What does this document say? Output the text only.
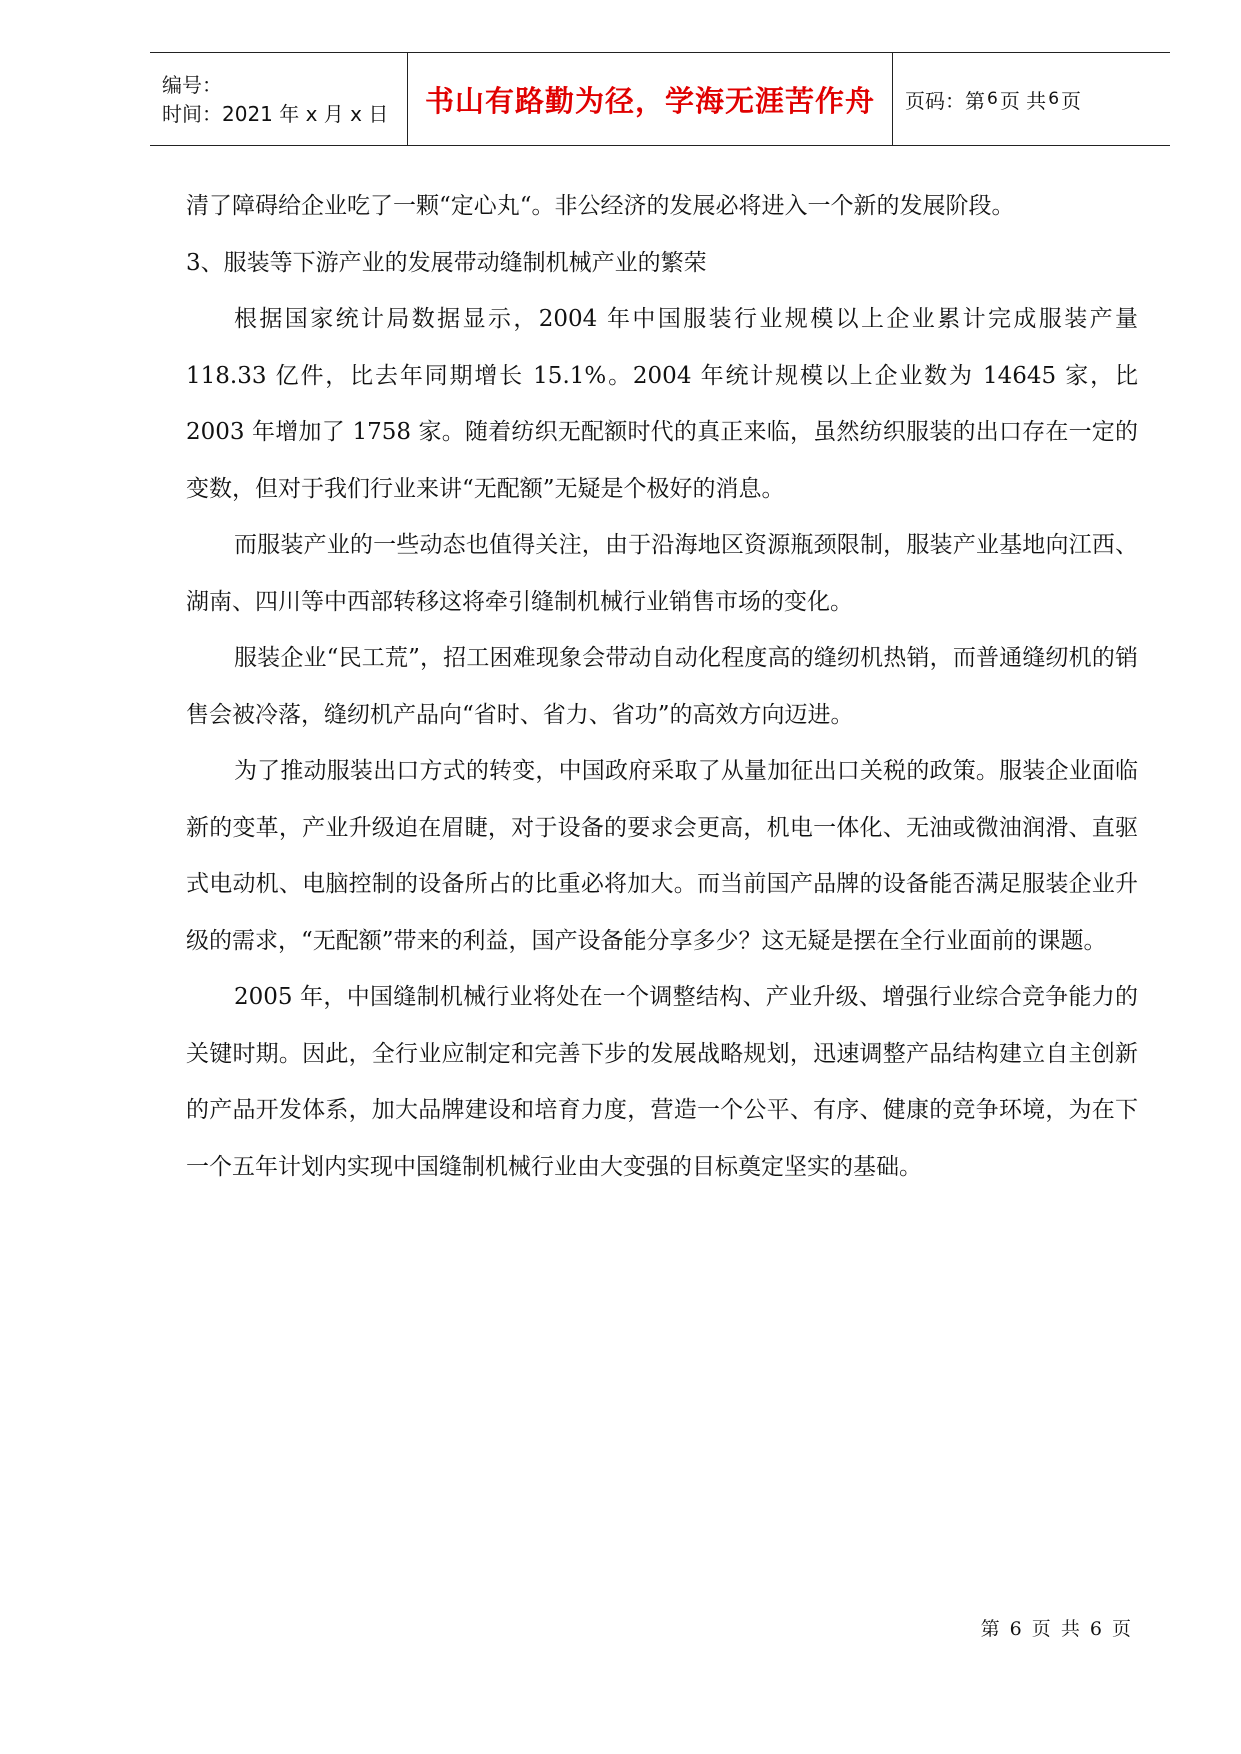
编号：
时间：2021 年 x 月 x 日	书山有路勤为径，学海无涯苦作舟 页码：第 6 页 共 6 页

清了障碍给企业吃了一颗“定心丸“。非公经济的发展必将进入一个新的发展阶段。

3、服装等下游产业的发展带动缝制机械产业的繁荣

根据国家统计局数据显示，2004 年中国服装行业规模以上企业累计完成服装产量 118.33 亿件，比去年同期增长 15.1%。2004 年统计规模以上企业数为 14645 家，比 2003 年增加了 1758 家。随着纺织无配额时代的真正来临，虽然纺织服装的出口存在一定的变数，但对于我们行业来讲“无配额”无疑是个极好的消息。

而服装产业的一些动态也值得关注，由于沿海地区资源瓶颈限制，服装产业基地向江西、湖南、四川等中西部转移这将牵引缝制机械行业销售市场的变化。

服装企业“民工荒”，招工困难现象会带动自动化程度高的缝纫机热销，而普通缝纫机的销售会被冷落，缝纫机产品向“省时、省力、省功”的高效方向迈进。

为了推动服装出口方式的转变，中国政府采取了从量加征出口关税的政策。服装企业面临新的变革，产业升级迫在眉睫，对于设备的要求会更高，机电一体化、无油或微油润滑、直驱式电动机、电脑控制的设备所占的比重必将加大。而当前国产品牌的设备能否满足服装企业升级的需求，“无配额”带来的利益，国产设备能分享多少？这无疑是摆在全行业面前的课题。

2005 年，中国缝制机械行业将处在一个调整结构、产业升级、增强行业综合竞争能力的关键时期。因此，全行业应制定和完善下步的发展战略规划，迅速调整产品结构建立自主创新的产品开发体系，加大品牌建设和培育力度，营造一个公平、有序、健康的竞争环境，为在下一个五年计划内实现中国缝制机械行业由大变强的目标奠定坚实的基础。

第 6 页 共 6 页
